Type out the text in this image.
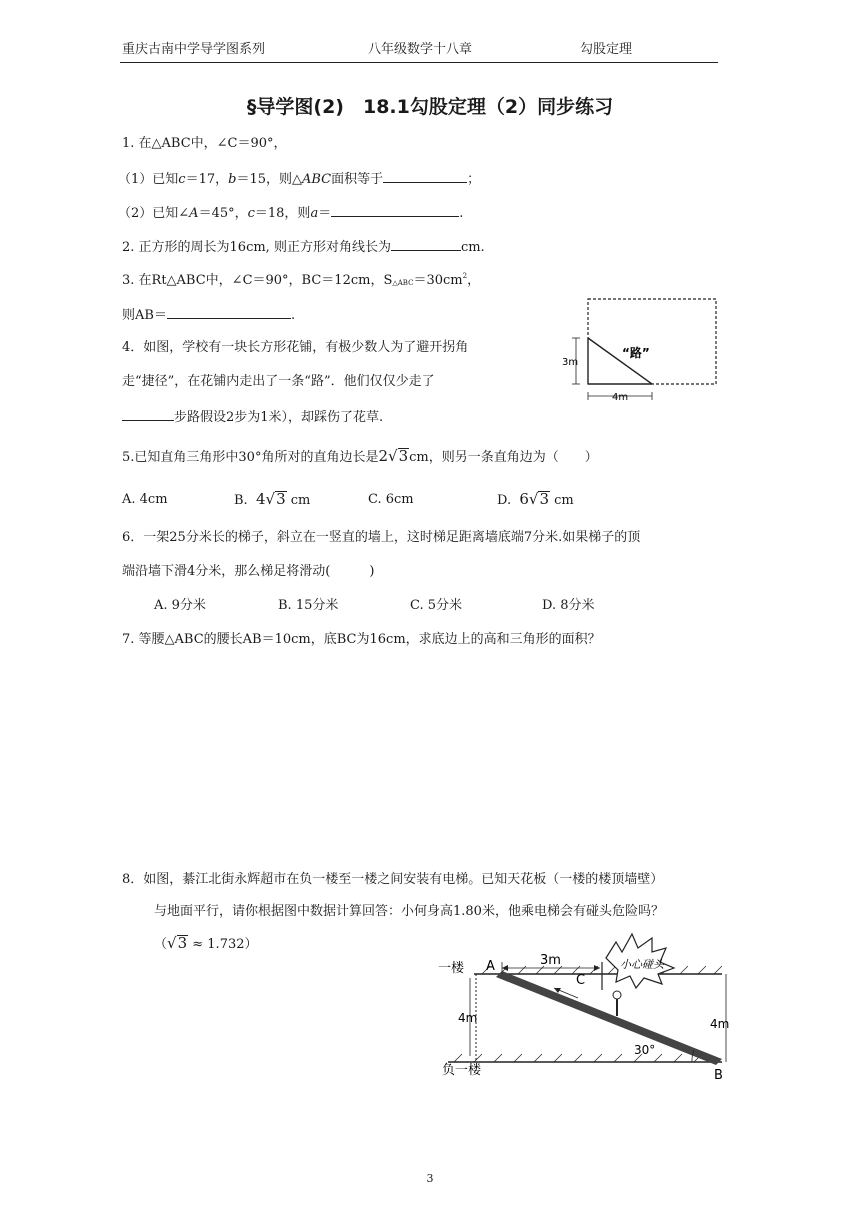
重庆古南中学导学图系列	八年级数学十八章	勾股定理
§导学图(2)　18.1勾股定理（2）同步练习
1. 在△ABC中，∠C＝90°，
（1）已知c＝17，b＝15，则△ABC面积等于	；
（2）已知∠A＝45°，c＝18，则a＝	.
2. 正方形的周长为16cm, 则正方形对角线长为	cm.
3. 在Rt△ABC中，∠C＝90°，BC＝12cm，$S\triangle ABC=30cm^2$，
则AB＝	.
4．如图，学校有一块长方形花铺，有极少数人为了避开拐角
走“捷径”，在花铺内走出了一条“路”．他们仅仅少走了
步路假设2步为1米），却踩伤了花草.
3m
4m
“路”
5.已知直角三角形中30°角所对的直角边长是2√3cm，则另一条直角边为（　　）
A. 4cm	B. 4√3 cm	C. 6cm	D. 6√3 cm
6．一架25分米长的梯子，斜立在一竖直的墙上，这时梯足距离墙底端7分米.如果梯子的顶
端沿墙下滑4分米，那么梯足将滑动(　　　)
A. 9分米	B. 15分米	C. 5分米	D. 8分米
7. 等腰△ABC的腰长AB＝10cm，底BC为16cm，求底边上的高和三角形的面积？
8．如图，綦江北街永辉超市在负一楼至一楼之间安装有电梯。已知天花板（一楼的楼顶墙壁）
与地面平行，请你根据图中数据计算回答：小何身高1.80米，他乘电梯会有碰头危险吗？
（√3 ≈ 1.732）
4m	4m
3m	小心碰头
30°
一楼
负一楼
A
B
C
3
